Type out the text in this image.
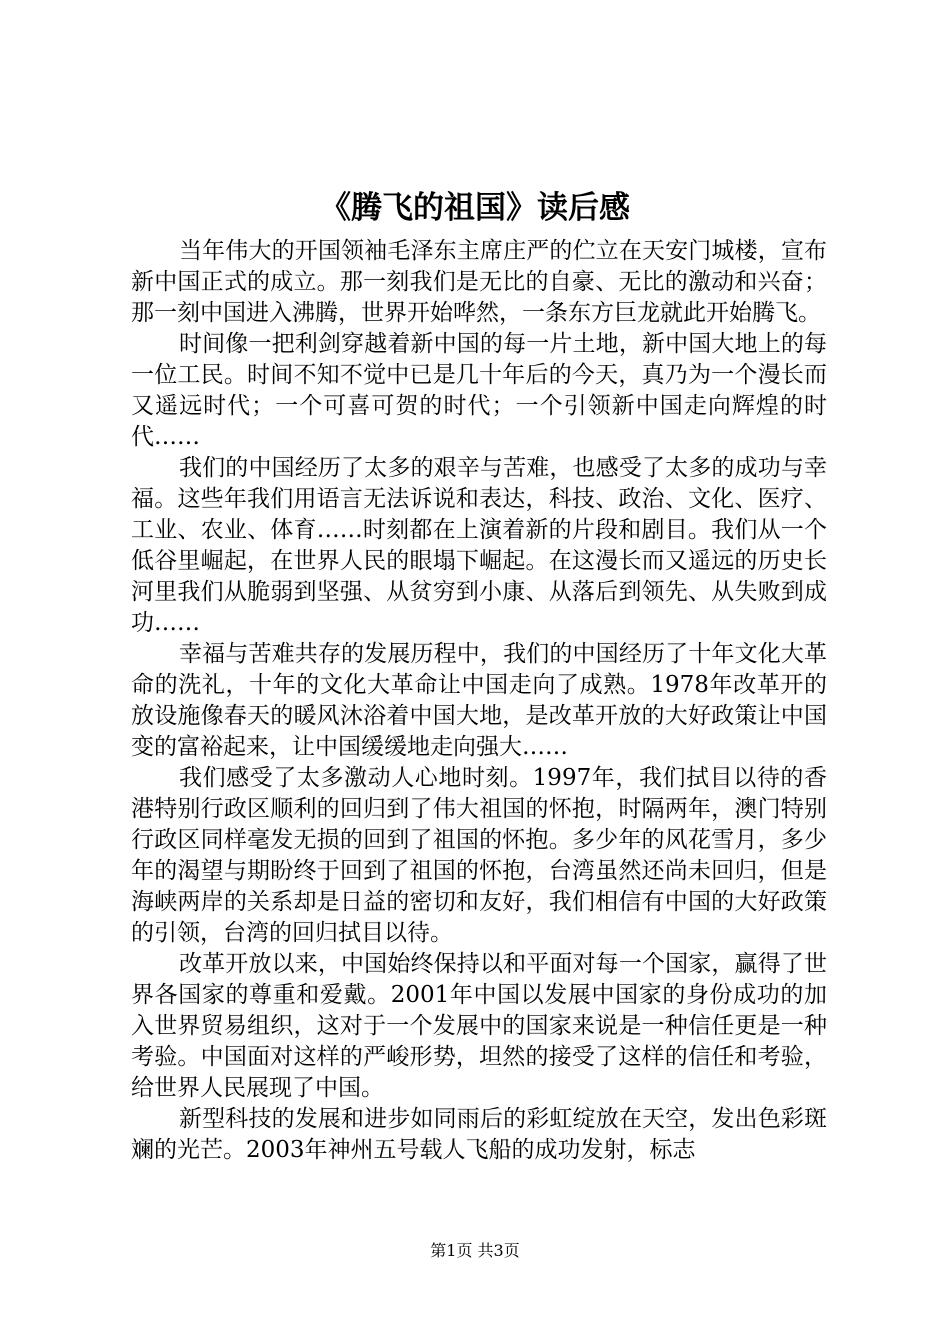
《腾飞的祖国》读后感

当年伟大的开国领袖毛泽东主席庄严的伫立在天安门城楼，宣布新中国正式的成立。那一刻我们是无比的自豪、无比的激动和兴奋；那一刻中国进入沸腾，世界开始哗然，一条东方巨龙就此开始腾飞。

时间像一把利剑穿越着新中国的每一片土地，新中国大地上的每一位工民。时间不知不觉中已是几十年后的今天，真乃为一个漫长而又遥远时代；一个可喜可贺的时代；一个引领新中国走向辉煌的时代……

我们的中国经历了太多的艰辛与苦难，也感受了太多的成功与幸福。这些年我们用语言无法诉说和表达，科技、政治、文化、医疗、工业、农业、体育……时刻都在上演着新的片段和剧目。我们从一个低谷里崛起，在世界人民的眼塌下崛起。在这漫长而又遥远的历史长河里我们从脆弱到坚强、从贫穷到小康、从落后到领先、从失败到成功……

幸福与苦难共存的发展历程中，我们的中国经历了十年文化大革命的洗礼，十年的文化大革命让中国走向了成熟。1978年改革开的放设施像春天的暖风沐浴着中国大地，是改革开放的大好政策让中国变的富裕起来，让中国缓缓地走向强大……

我们感受了太多激动人心地时刻。1997年，我们拭目以待的香港特别行政区顺利的回归到了伟大祖国的怀抱，时隔两年，澳门特别行政区同样毫发无损的回到了祖国的怀抱。多少年的风花雪月，多少年的渴望与期盼终于回到了祖国的怀抱，台湾虽然还尚未回归，但是海峡两岸的关系却是日益的密切和友好，我们相信有中国的大好政策的引领，台湾的回归拭目以待。

改革开放以来，中国始终保持以和平面对每一个国家，赢得了世界各国家的尊重和爱戴。2001年中国以发展中国家的身份成功的加入世界贸易组织，这对于一个发展中的国家来说是一种信任更是一种考验。中国面对这样的严峻形势，坦然的接受了这样的信任和考验，给世界人民展现了中国。

新型科技的发展和进步如同雨后的彩虹绽放在天空，发出色彩斑斓的光芒。2003年神州五号载人飞船的成功发射，标志

第1页 共3页
